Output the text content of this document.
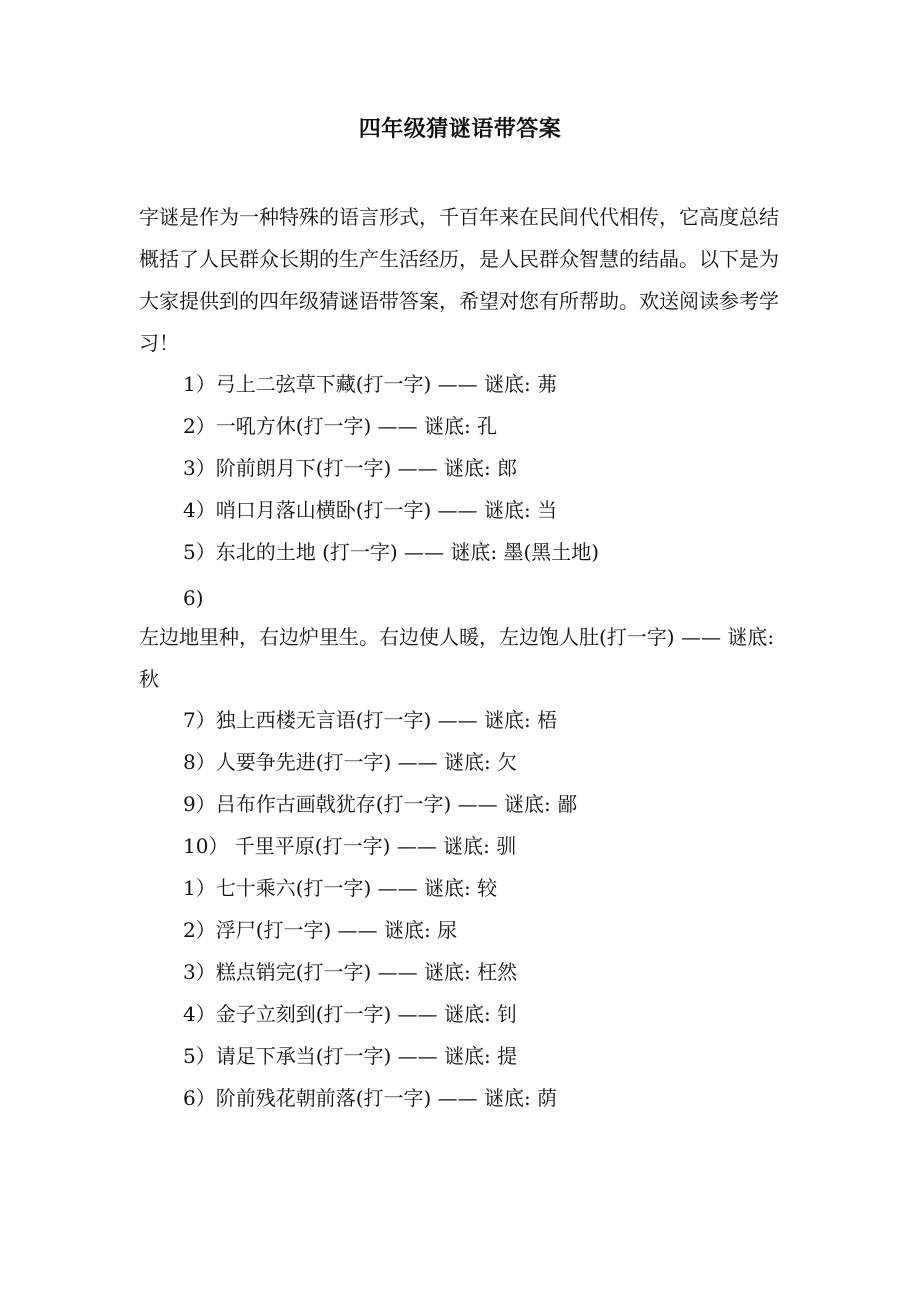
四年级猜谜语带答案
字谜是作为一种特殊的语言形式，千百年来在民间代代相传，它高度总结概括了人民群众长期的生产生活经历，是人民群众智慧的结晶。以下是为大家提供到的四年级猜谜语带答案，希望对您有所帮助。欢送阅读参考学习！
1）弓上二弦草下藏(打一字) —— 谜底: 茀
2）一吼方休(打一字) —— 谜底: 孔
3）阶前朗月下(打一字) —— 谜底: 郎
4）哨口月落山横卧(打一字) —— 谜底: 当
5）东北的土地 (打一字) —— 谜底: 墨(黑土地)
6)
左边地里种，右边炉里生。右边使人暖，左边饱人肚(打一字) —— 谜底: 秋
7）独上西楼无言语(打一字) —— 谜底: 梧
8）人要争先进(打一字) —— 谜底: 欠
9）吕布作古画戟犹存(打一字) —— 谜底: 鄙
10） 千里平原(打一字) —— 谜底: 驯
1）七十乘六(打一字) —— 谜底: 较
2）浮尸(打一字) —— 谜底: 尿
3）糕点销完(打一字) —— 谜底: 枉然
4）金子立刻到(打一字) —— 谜底: 钊
5）请足下承当(打一字) —— 谜底: 提
6）阶前残花朝前落(打一字) —— 谜底: 荫
